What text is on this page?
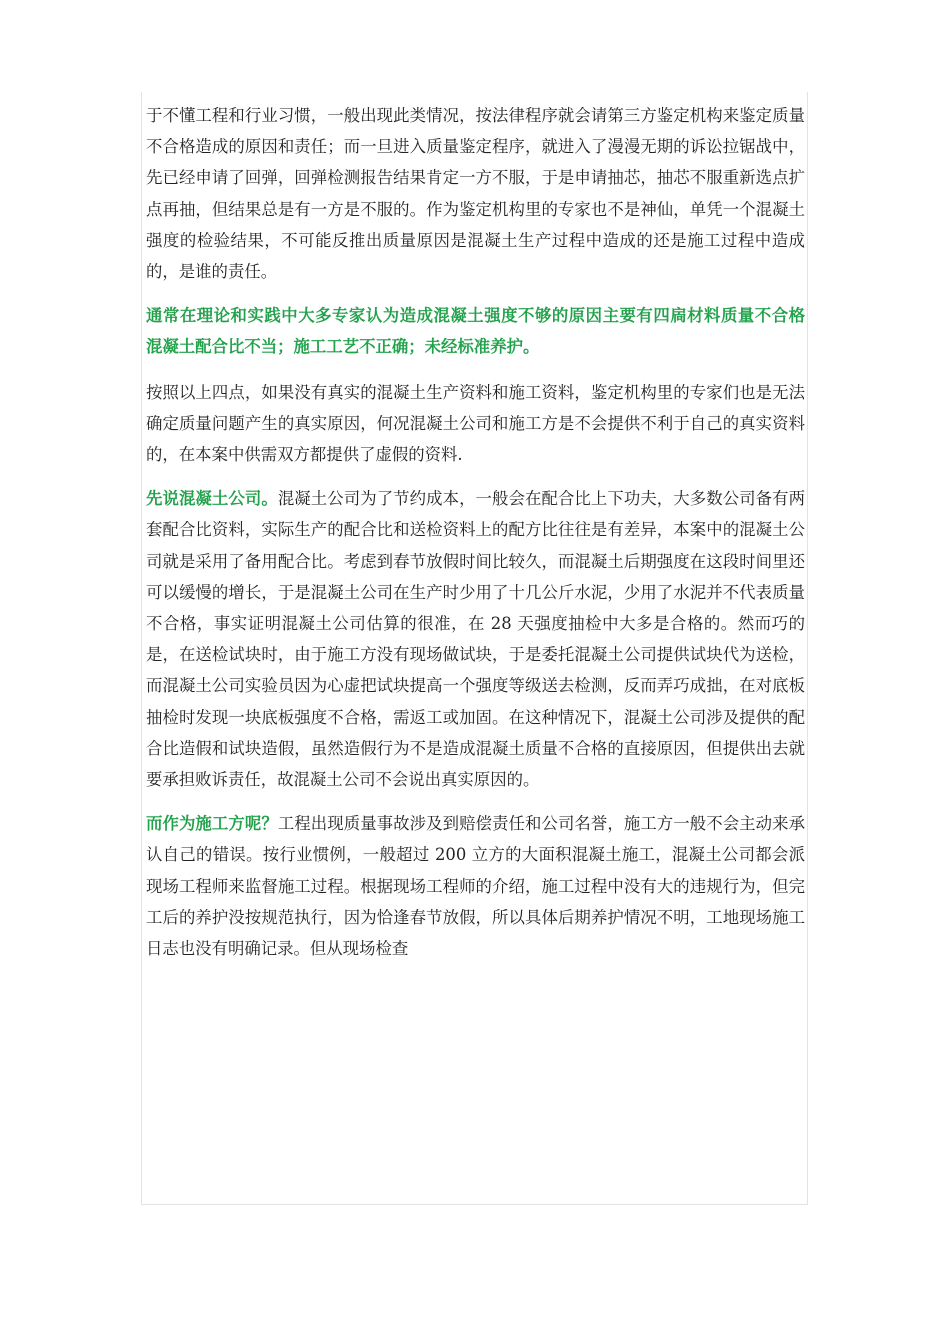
于不懂工程和行业习惯，一般出现此类情况，按法律程序就会请第三方鉴定机构来鉴定质量不合格造成的原因和责任；而一旦进入质量鉴定程序，就进入了漫漫无期的诉讼拉锯战中，先已经申请了回弹，回弹检测报告结果肯定一方不服，于是申请抽芯，抽芯不服重新选点扩点再抽，但结果总是有一方是不服的。作为鉴定机构里的专家也不是神仙，单凭一个混凝土强度的检验结果，不可能反推出质量原因是混凝土生产过程中造成的还是施工过程中造成的，是谁的责任。

通常在理论和实践中大多专家认为造成混凝土强度不够的原因主要有四扄材料质量不合格 混凝土配合比不当；施工工艺不正确；未经标准养护。

按照以上四点，如果没有真实的混凝土生产资料和施工资料，鉴定机构里的专家们也是无法确定质量问题产生的真实原因，何况混凝土公司和施工方是不会提供不利于自己的真实资料的，在本案中供需双方都提供了虚假的资料.

先说混凝土公司。混凝土公司为了节约成本，一般会在配合比上下功夫，大多数公司备有两套配合比资料，实际生产的配合比和送检资料上的配方比往往是有差异，本案中的混凝土公司就是采用了备用配合比。考虑到春节放假时间比较久，而混凝土后期强度在这段时间里还可以缓慢的增长，于是混凝土公司在生产时少用了十几公斤水泥，少用了水泥并不代表质量不合格，事实证明混凝土公司估算的很准，在 28 天强度抽检中大多是合格的。然而巧的是，在送检试块时，由于施工方没有现场做试块，于是委托混凝土公司提供试块代为送检，而混凝土公司实验员因为心虚把试块提高一个强度等级送去检测，反而弄巧成拙，在对底板抽检时发现一块底板强度不合格，需返工或加固。在这种情况下，混凝土公司涉及提供的配合比造假和试块造假，虽然造假行为不是造成混凝土质量不合格的直接原因，但提供出去就要承担败诉责任，故混凝土公司不会说出真实原因的。

而作为施工方呢？工程出现质量事故涉及到赔偿责任和公司名誉，施工方一般不会主动来承认自己的错误。按行业惯例，一般超过 200 立方的大面积混凝土施工，混凝土公司都会派现场工程师来监督施工过程。根据现场工程师的介绍，施工过程中没有大的违规行为，但完工后的养护没按规范执行，因为恰逢春节放假，所以具体后期养护情况不明，工地现场施工日志也没有明确记录。但从现场检查
